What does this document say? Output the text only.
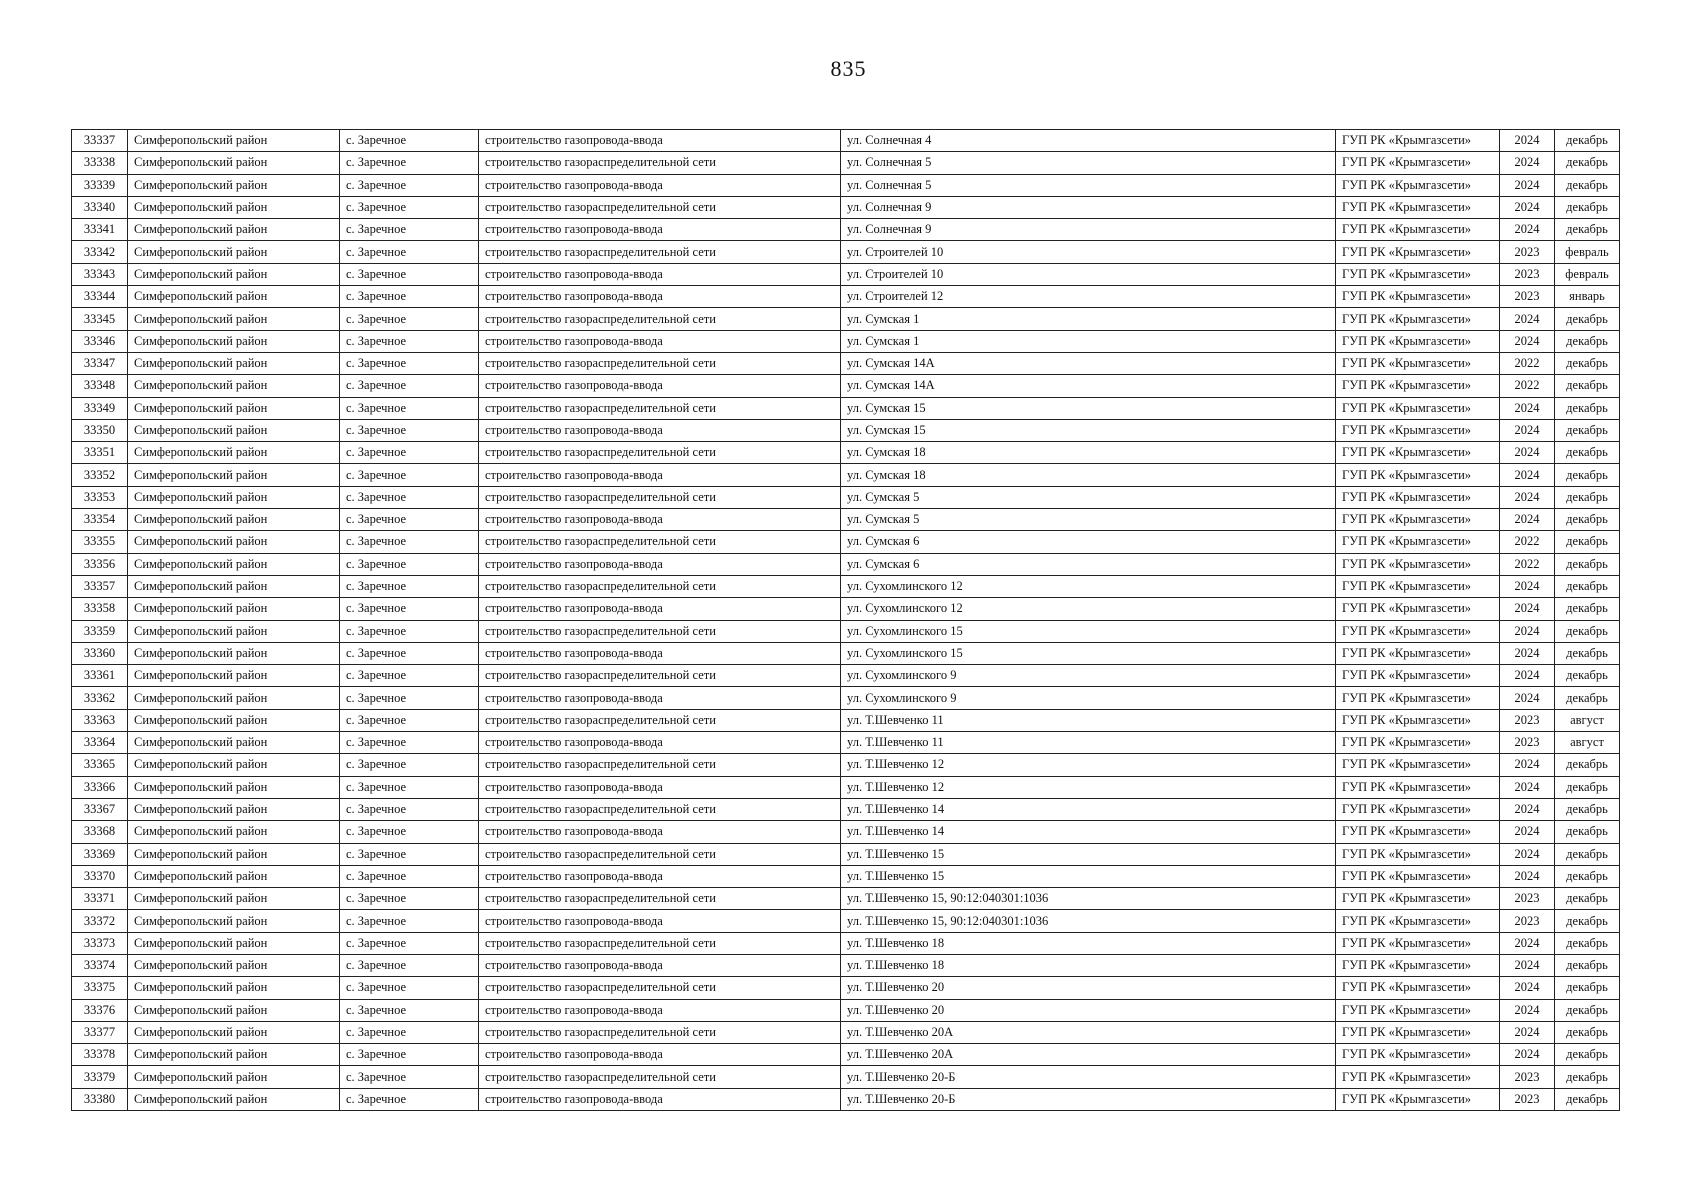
835
33337	Симферопольский район	с. Заречное	строительство газопровода-ввода	ул. Солнечная 4	ГУП РК «Крымгазсети»	2024	декабрь
33338	Симферопольский район	с. Заречное	строительство газораспределительной сети	ул. Солнечная 5	ГУП РК «Крымгазсети»	2024	декабрь
33339	Симферопольский район	с. Заречное	строительство газопровода-ввода	ул. Солнечная 5	ГУП РК «Крымгазсети»	2024	декабрь
33340	Симферопольский район	с. Заречное	строительство газораспределительной сети	ул. Солнечная 9	ГУП РК «Крымгазсети»	2024	декабрь
33341	Симферопольский район	с. Заречное	строительство газопровода-ввода	ул. Солнечная 9	ГУП РК «Крымгазсети»	2024	декабрь
33342	Симферопольский район	с. Заречное	строительство газораспределительной сети	ул. Строителей 10	ГУП РК «Крымгазсети»	2023	февраль
33343	Симферопольский район	с. Заречное	строительство газопровода-ввода	ул. Строителей 10	ГУП РК «Крымгазсети»	2023	февраль
33344	Симферопольский район	с. Заречное	строительство газопровода-ввода	ул. Строителей 12	ГУП РК «Крымгазсети»	2023	январь
33345	Симферопольский район	с. Заречное	строительство газораспределительной сети	ул. Сумская 1	ГУП РК «Крымгазсети»	2024	декабрь
33346	Симферопольский район	с. Заречное	строительство газопровода-ввода	ул. Сумская 1	ГУП РК «Крымгазсети»	2024	декабрь
33347	Симферопольский район	с. Заречное	строительство газораспределительной сети	ул. Сумская 14А	ГУП РК «Крымгазсети»	2022	декабрь
33348	Симферопольский район	с. Заречное	строительство газопровода-ввода	ул. Сумская 14А	ГУП РК «Крымгазсети»	2022	декабрь
33349	Симферопольский район	с. Заречное	строительство газораспределительной сети	ул. Сумская 15	ГУП РК «Крымгазсети»	2024	декабрь
33350	Симферопольский район	с. Заречное	строительство газопровода-ввода	ул. Сумская 15	ГУП РК «Крымгазсети»	2024	декабрь
33351	Симферопольский район	с. Заречное	строительство газораспределительной сети	ул. Сумская 18	ГУП РК «Крымгазсети»	2024	декабрь
33352	Симферопольский район	с. Заречное	строительство газопровода-ввода	ул. Сумская 18	ГУП РК «Крымгазсети»	2024	декабрь
33353	Симферопольский район	с. Заречное	строительство газораспределительной сети	ул. Сумская 5	ГУП РК «Крымгазсети»	2024	декабрь
33354	Симферопольский район	с. Заречное	строительство газопровода-ввода	ул. Сумская 5	ГУП РК «Крымгазсети»	2024	декабрь
33355	Симферопольский район	с. Заречное	строительство газораспределительной сети	ул. Сумская 6	ГУП РК «Крымгазсети»	2022	декабрь
33356	Симферопольский район	с. Заречное	строительство газопровода-ввода	ул. Сумская 6	ГУП РК «Крымгазсети»	2022	декабрь
33357	Симферопольский район	с. Заречное	строительство газораспределительной сети	ул. Сухомлинского 12	ГУП РК «Крымгазсети»	2024	декабрь
33358	Симферопольский район	с. Заречное	строительство газопровода-ввода	ул. Сухомлинского 12	ГУП РК «Крымгазсети»	2024	декабрь
33359	Симферопольский район	с. Заречное	строительство газораспределительной сети	ул. Сухомлинского 15	ГУП РК «Крымгазсети»	2024	декабрь
33360	Симферопольский район	с. Заречное	строительство газопровода-ввода	ул. Сухомлинского 15	ГУП РК «Крымгазсети»	2024	декабрь
33361	Симферопольский район	с. Заречное	строительство газораспределительной сети	ул. Сухомлинского 9	ГУП РК «Крымгазсети»	2024	декабрь
33362	Симферопольский район	с. Заречное	строительство газопровода-ввода	ул. Сухомлинского 9	ГУП РК «Крымгазсети»	2024	декабрь
33363	Симферопольский район	с. Заречное	строительство газораспределительной сети	ул. Т.Шевченко 11	ГУП РК «Крымгазсети»	2023	август
33364	Симферопольский район	с. Заречное	строительство газопровода-ввода	ул. Т.Шевченко 11	ГУП РК «Крымгазсети»	2023	август
33365	Симферопольский район	с. Заречное	строительство газораспределительной сети	ул. Т.Шевченко 12	ГУП РК «Крымгазсети»	2024	декабрь
33366	Симферопольский район	с. Заречное	строительство газопровода-ввода	ул. Т.Шевченко 12	ГУП РК «Крымгазсети»	2024	декабрь
33367	Симферопольский район	с. Заречное	строительство газораспределительной сети	ул. Т.Шевченко 14	ГУП РК «Крымгазсети»	2024	декабрь
33368	Симферопольский район	с. Заречное	строительство газопровода-ввода	ул. Т.Шевченко 14	ГУП РК «Крымгазсети»	2024	декабрь
33369	Симферопольский район	с. Заречное	строительство газораспределительной сети	ул. Т.Шевченко 15	ГУП РК «Крымгазсети»	2024	декабрь
33370	Симферопольский район	с. Заречное	строительство газопровода-ввода	ул. Т.Шевченко 15	ГУП РК «Крымгазсети»	2024	декабрь
33371	Симферопольский район	с. Заречное	строительство газораспределительной сети	ул. Т.Шевченко 15, 90:12:040301:1036	ГУП РК «Крымгазсети»	2023	декабрь
33372	Симферопольский район	с. Заречное	строительство газопровода-ввода	ул. Т.Шевченко 15, 90:12:040301:1036	ГУП РК «Крымгазсети»	2023	декабрь
33373	Симферопольский район	с. Заречное	строительство газораспределительной сети	ул. Т.Шевченко 18	ГУП РК «Крымгазсети»	2024	декабрь
33374	Симферопольский район	с. Заречное	строительство газопровода-ввода	ул. Т.Шевченко 18	ГУП РК «Крымгазсети»	2024	декабрь
33375	Симферопольский район	с. Заречное	строительство газораспределительной сети	ул. Т.Шевченко 20	ГУП РК «Крымгазсети»	2024	декабрь
33376	Симферопольский район	с. Заречное	строительство газопровода-ввода	ул. Т.Шевченко 20	ГУП РК «Крымгазсети»	2024	декабрь
33377	Симферопольский район	с. Заречное	строительство газораспределительной сети	ул. Т.Шевченко 20А	ГУП РК «Крымгазсети»	2024	декабрь
33378	Симферопольский район	с. Заречное	строительство газопровода-ввода	ул. Т.Шевченко 20А	ГУП РК «Крымгазсети»	2024	декабрь
33379	Симферопольский район	с. Заречное	строительство газораспределительной сети	ул. Т.Шевченко 20-Б	ГУП РК «Крымгазсети»	2023	декабрь
33380	Симферопольский район	с. Заречное	строительство газопровода-ввода	ул. Т.Шевченко 20-Б	ГУП РК «Крымгазсети»	2023	декабрь
